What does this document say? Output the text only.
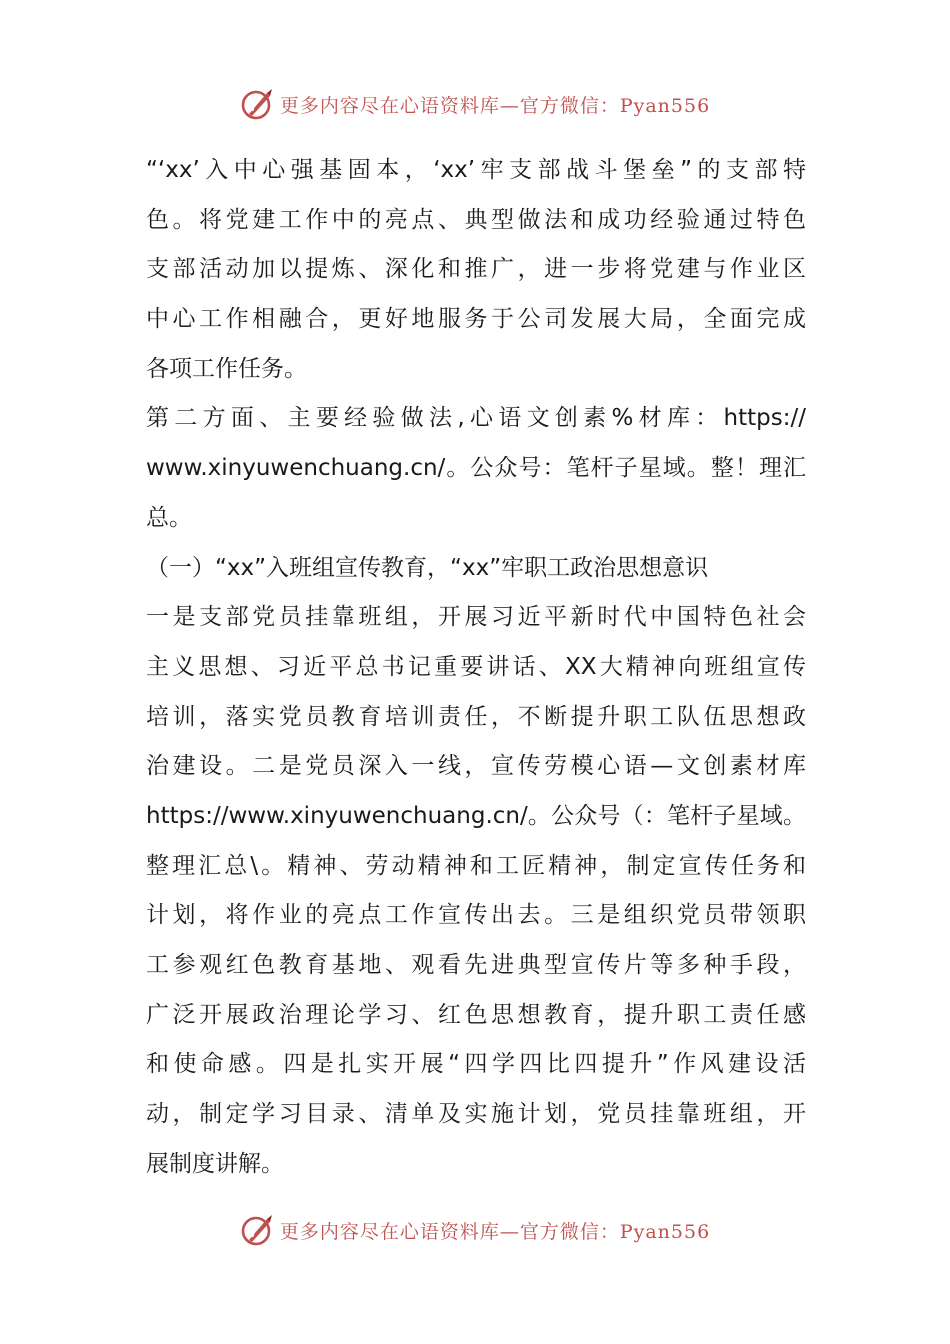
更多内容尽在心语资料库—官方微信：Pyan556
“‘xx’入中心强基固本，‘xx’牢支部战斗堡垒”的支部特
色。将党建工作中的亮点、典型做法和成功经验通过特色
支部活动加以提炼、深化和推广，进一步将党建与作业区
中心工作相融合，更好地服务于公司发展大局，全面完成
各项工作任务。
第二方面、主要经验做法,心语文创素%材库：https://
www.xinyuwenchuang.cn/。公众号：笔杆子星域。整！理汇
总。
（一）“xx”入班组宣传教育，“xx”牢职工政治思想意识
一是支部党员挂靠班组，开展习近平新时代中国特色社会
主义思想、习近平总书记重要讲话、XX大精神向班组宣传
培训，落实党员教育培训责任，不断提升职工队伍思想政
治建设。二是党员深入一线，宣传劳模心语—文创素材库
https://www.xinyuwenchuang.cn/。公众号（：笔杆子星域。
整理汇总\。精神、劳动精神和工匠精神，制定宣传任务和
计划，将作业的亮点工作宣传出去。三是组织党员带领职
工参观红色教育基地、观看先进典型宣传片等多种手段，
广泛开展政治理论学习、红色思想教育，提升职工责任感
和使命感。四是扎实开展“四学四比四提升”作风建设活
动，制定学习目录、清单及实施计划，党员挂靠班组，开
展制度讲解。
更多内容尽在心语资料库—官方微信：Pyan556
